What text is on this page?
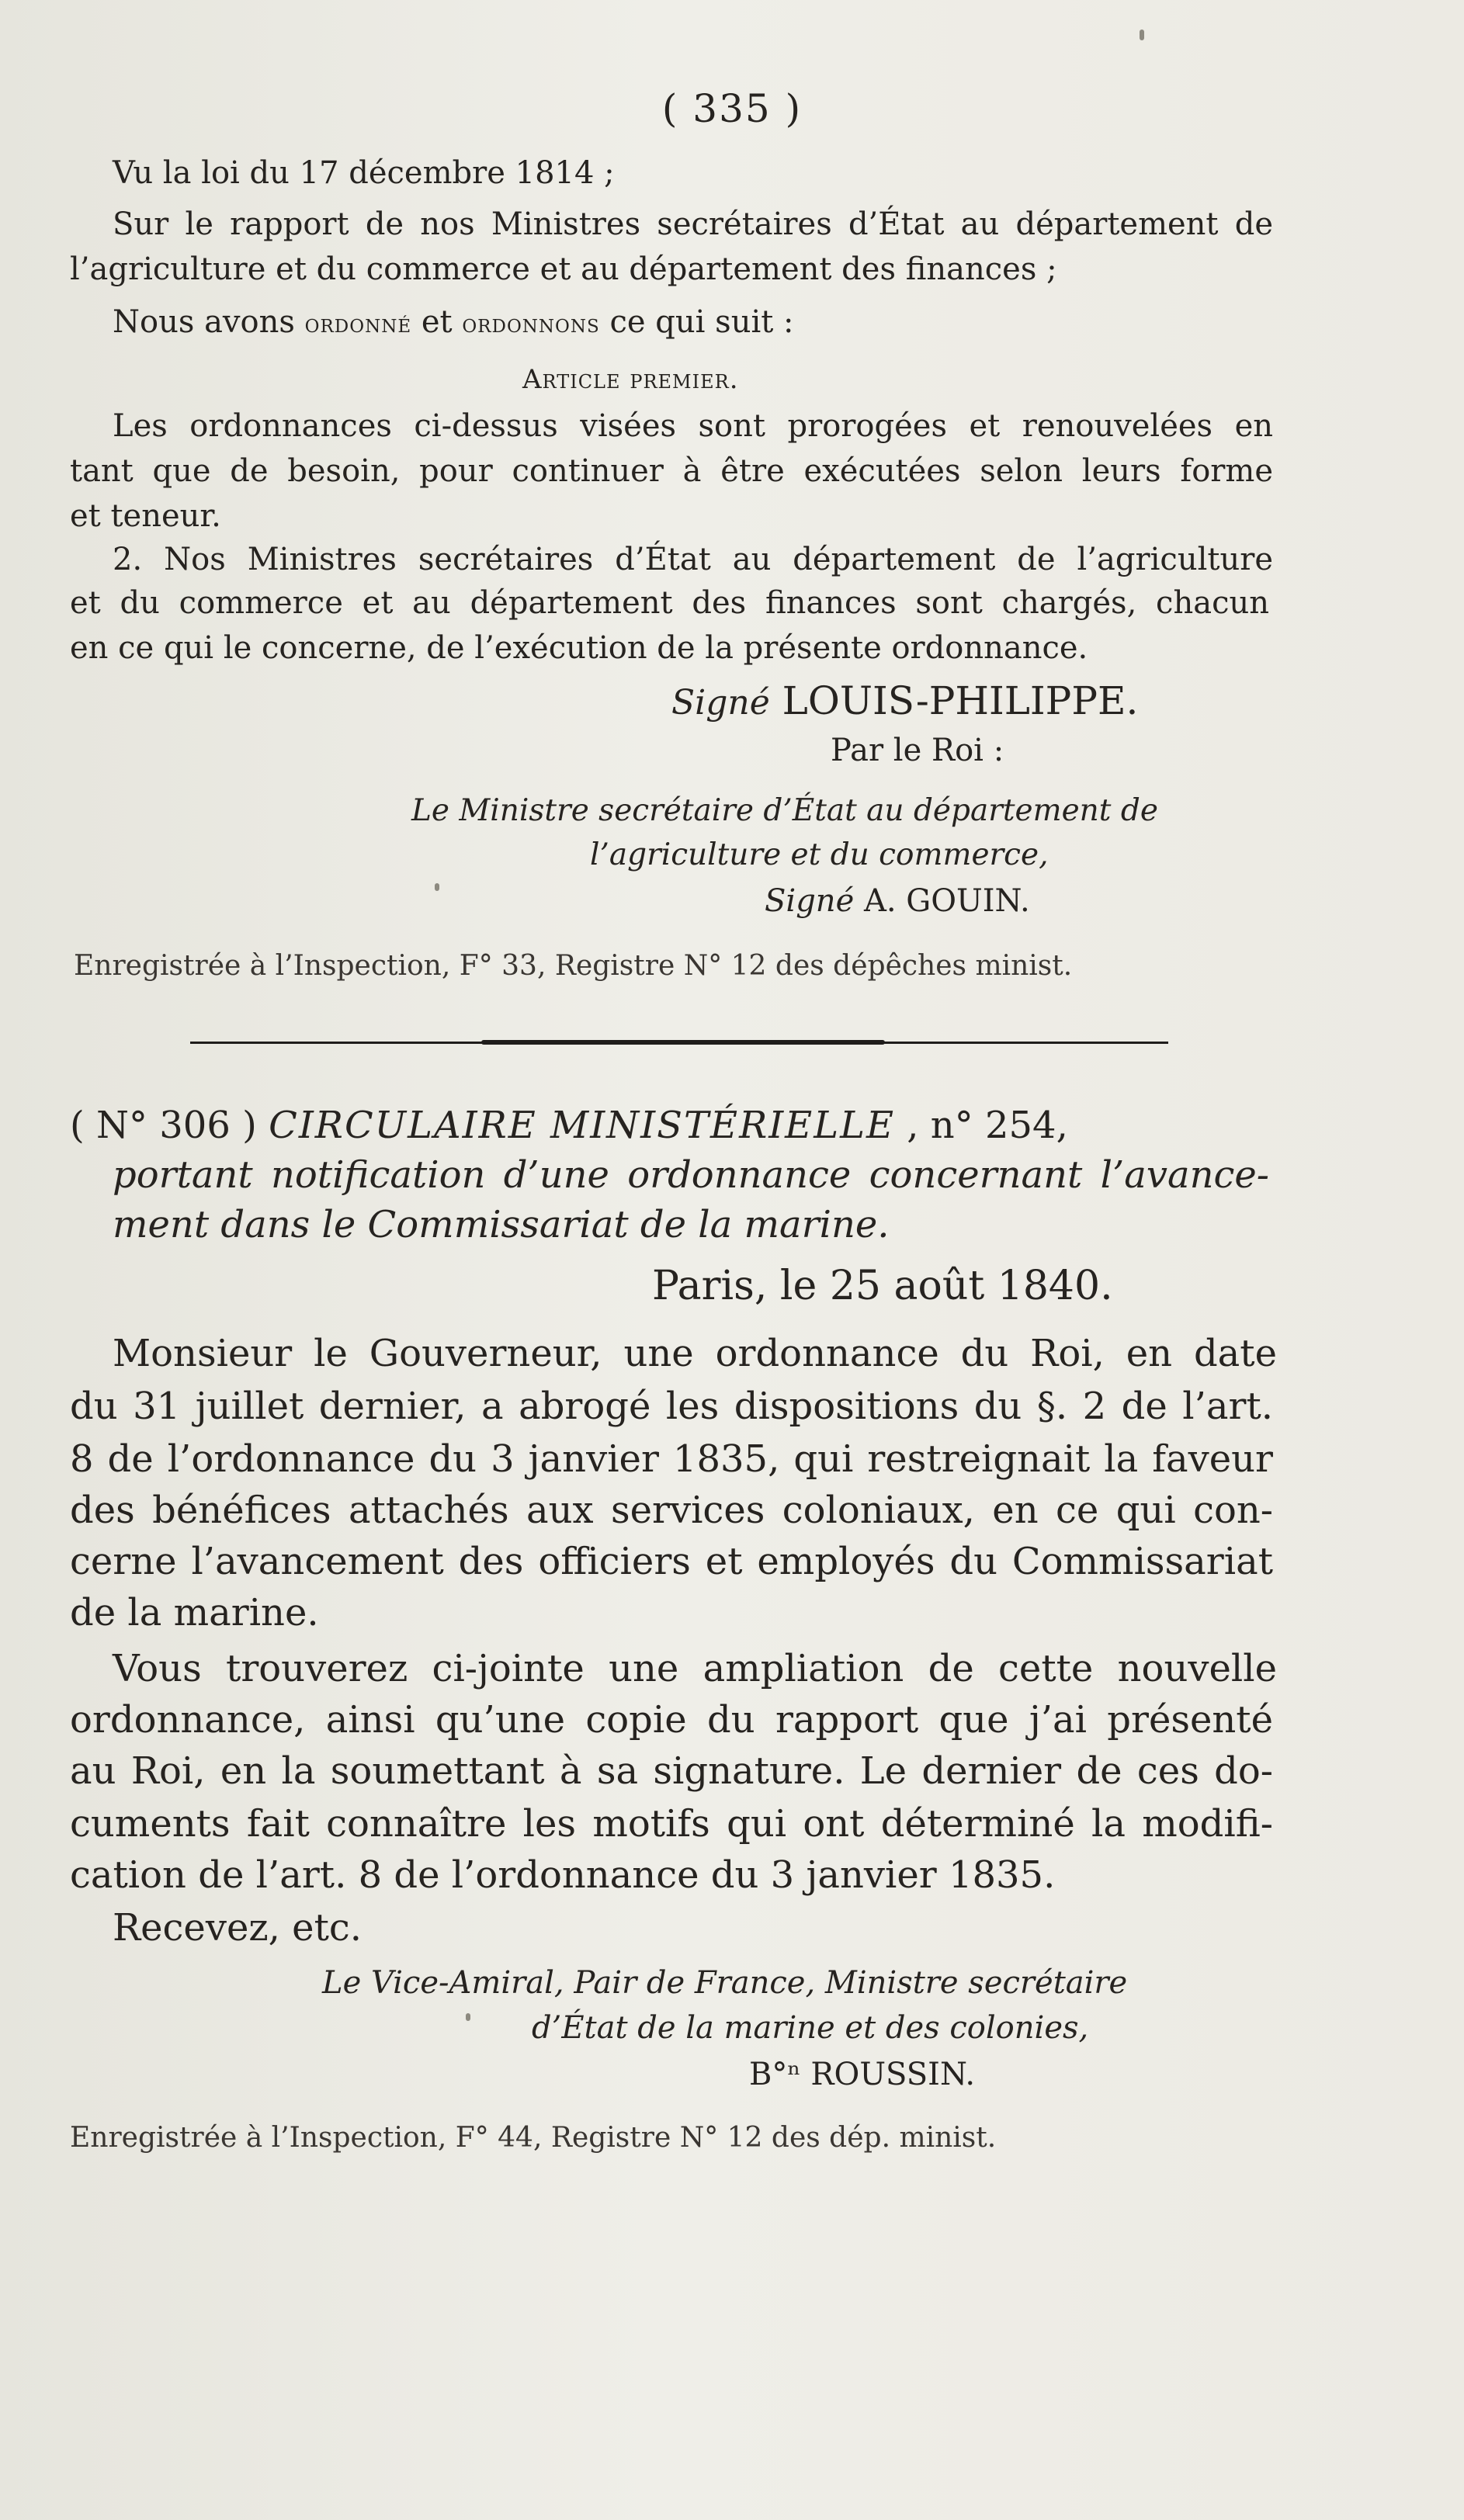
( 335 )
Vu la loi du 17 décembre 1814 ;
Sur le rapport de nos Ministres secrétaires d’État au département de
l’agriculture et du commerce et au département des finances ;
Nous avons ordonné et ordonnons ce qui suit :
Article premier.
Les ordonnances ci-dessus visées sont prorogées et renouvelées en
tant que de besoin, pour continuer à être exécutées selon leurs forme
et teneur.
2. Nos Ministres secrétaires d’État au département de l’agriculture
et du commerce et au département des finances sont chargés, chacun
en ce qui le concerne, de l’exécution de la présente ordonnance.
Signé LOUIS-PHILIPPE.
Par le Roi :
Le Ministre secrétaire d’État au département de
l’agriculture et du commerce,
Signé A. GOUIN.
Enregistrée à l’Inspection, F° 33, Registre N° 12 des dépêches minist.
( N° 306 ) CIRCULAIRE MINISTÉRIELLE , n° 254,
portant notification d’une ordonnance concernant l’avance-
ment dans le Commissariat de la marine.
Paris, le 25 août 1840.
Monsieur le Gouverneur, une ordonnance du Roi, en date
du 31 juillet dernier, a abrogé les dispositions du §. 2 de l’art.
8 de l’ordonnance du 3 janvier 1835, qui restreignait la faveur
des bénéfices attachés aux services coloniaux, en ce qui con-
cerne l’avancement des officiers et employés du Commissariat
de la marine.
Vous trouverez ci-jointe une ampliation de cette nouvelle
ordonnance, ainsi qu’une copie du rapport que j’ai présenté
au Roi, en la soumettant à sa signature. Le dernier de ces do-
cuments fait connaître les motifs qui ont déterminé la modifi-
cation de l’art. 8 de l’ordonnance du 3 janvier 1835.
Recevez, etc.
Le Vice-Amiral, Pair de France, Ministre secrétaire
d’État de la marine et des colonies,
B°ⁿ ROUSSIN.
Enregistrée à l’Inspection, F° 44, Registre N° 12 des dép. minist.
